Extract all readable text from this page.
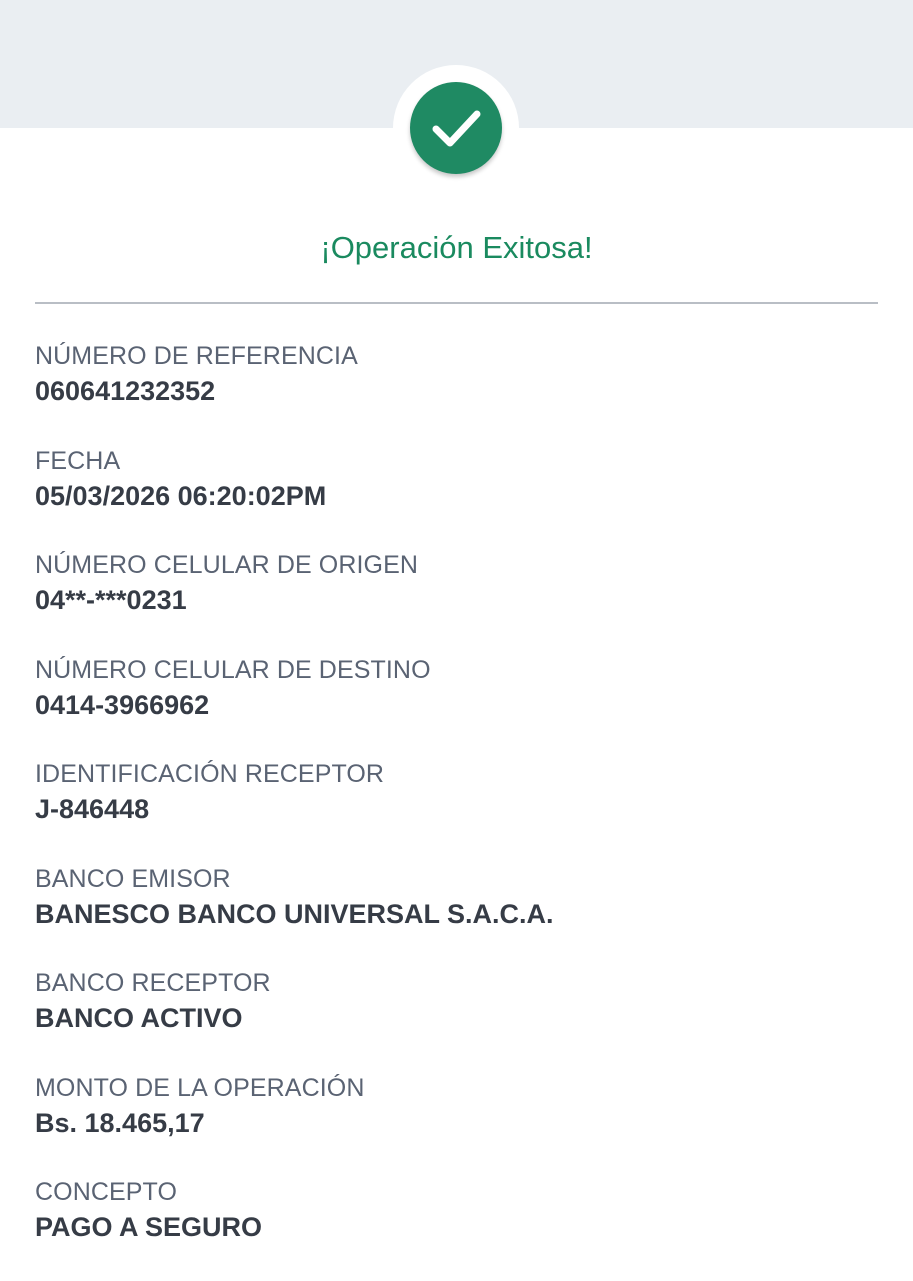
¡Operación Exitosa!
NÚMERO DE REFERENCIA
060641232352
FECHA
05/03/2026 06:20:02PM
NÚMERO CELULAR DE ORIGEN
04**-***0231
NÚMERO CELULAR DE DESTINO
0414-3966962
IDENTIFICACIÓN RECEPTOR
J-846448
BANCO EMISOR
BANESCO BANCO UNIVERSAL S.A.C.A.
BANCO RECEPTOR
BANCO ACTIVO
MONTO DE LA OPERACIÓN
Bs. 18.465,17
CONCEPTO
PAGO A SEGURO
